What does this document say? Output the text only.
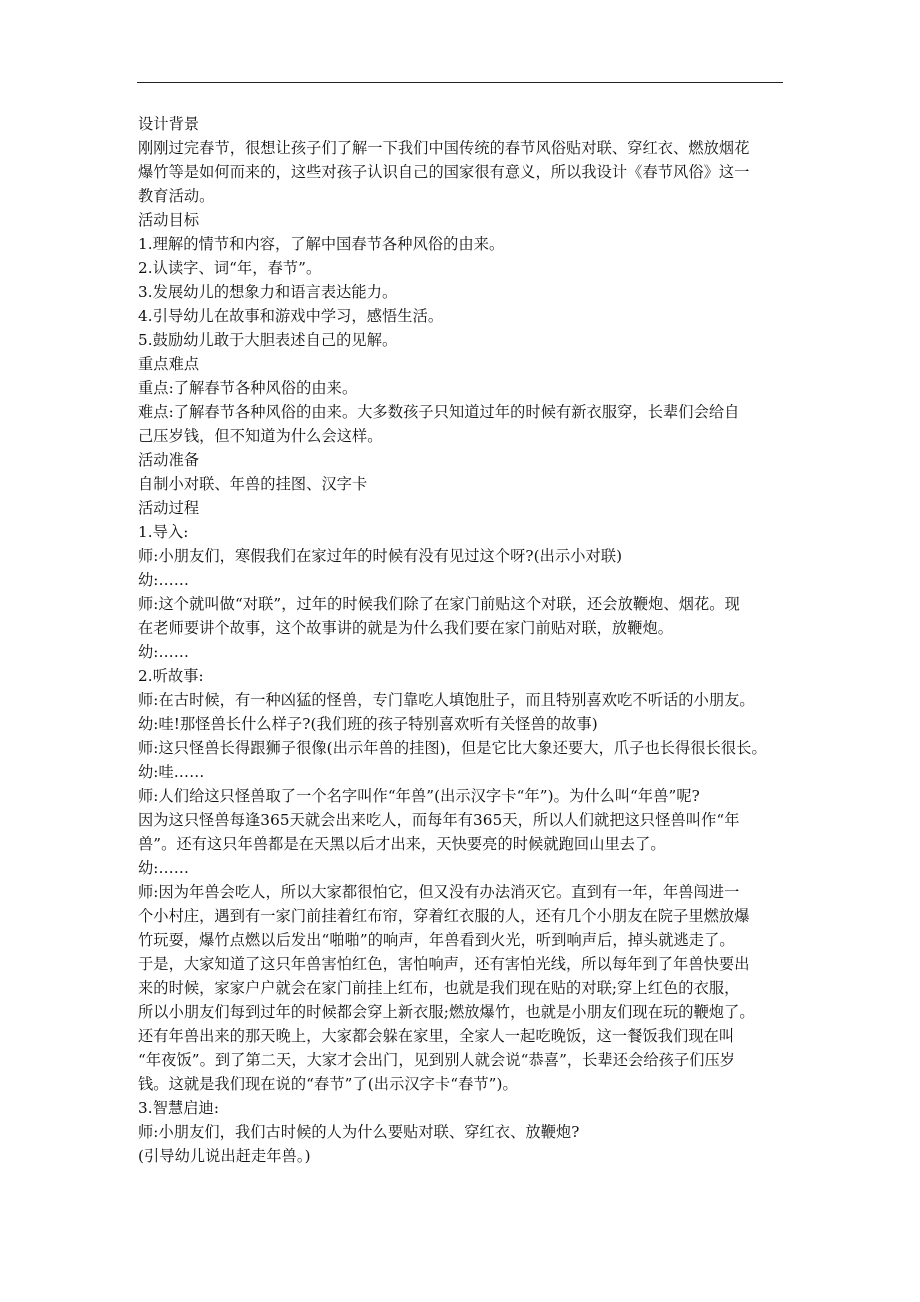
设计背景
刚刚过完春节，很想让孩子们了解一下我们中国传统的春节风俗贴对联、穿红衣、燃放烟花
爆竹等是如何而来的，这些对孩子认识自己的国家很有意义，所以我设计《春节风俗》这一
教育活动。
活动目标
1.理解的情节和内容，了解中国春节各种风俗的由来。
2.认读字、词“年，春节”。
3.发展幼儿的想象力和语言表达能力。
4.引导幼儿在故事和游戏中学习，感悟生活。
5.鼓励幼儿敢于大胆表述自己的见解。
重点难点
重点:了解春节各种风俗的由来。
难点:了解春节各种风俗的由来。大多数孩子只知道过年的时候有新衣服穿，长辈们会给自
己压岁钱，但不知道为什么会这样。
活动准备
自制小对联、年兽的挂图、汉字卡
活动过程
1.导入:
师:小朋友们，寒假我们在家过年的时候有没有见过这个呀?(出示小对联)
幼:……
师:这个就叫做“对联”，过年的时候我们除了在家门前贴这个对联，还会放鞭炮、烟花。现
在老师要讲个故事，这个故事讲的就是为什么我们要在家门前贴对联，放鞭炮。
幼:……
2.听故事:
师:在古时候，有一种凶猛的怪兽，专门靠吃人填饱肚子，而且特别喜欢吃不听话的小朋友。
幼:哇!那怪兽长什么样子?(我们班的孩子特别喜欢听有关怪兽的故事)
师:这只怪兽长得跟狮子很像(出示年兽的挂图)，但是它比大象还要大，爪子也长得很长很长。
幼:哇……
师:人们给这只怪兽取了一个名字叫作“年兽”(出示汉字卡“年”)。为什么叫“年兽”呢?
因为这只怪兽每逢365天就会出来吃人，而每年有365天，所以人们就把这只怪兽叫作“年
兽”。还有这只年兽都是在天黑以后才出来，天快要亮的时候就跑回山里去了。
幼:……
师:因为年兽会吃人，所以大家都很怕它，但又没有办法消灭它。直到有一年，年兽闯进一
个小村庄，遇到有一家门前挂着红布帘，穿着红衣服的人，还有几个小朋友在院子里燃放爆
竹玩耍，爆竹点燃以后发出“啪啪”的响声，年兽看到火光，听到响声后，掉头就逃走了。
于是，大家知道了这只年兽害怕红色，害怕响声，还有害怕光线，所以每年到了年兽快要出
来的时候，家家户户就会在家门前挂上红布，也就是我们现在贴的对联;穿上红色的衣服，
所以小朋友们每到过年的时候都会穿上新衣服;燃放爆竹，也就是小朋友们现在玩的鞭炮了。
还有年兽出来的那天晚上，大家都会躲在家里，全家人一起吃晚饭，这一餐饭我们现在叫
“年夜饭”。到了第二天，大家才会出门，见到别人就会说“恭喜”，长辈还会给孩子们压岁
钱。这就是我们现在说的“春节”了(出示汉字卡“春节”)。
3.智慧启迪:
师:小朋友们，我们古时候的人为什么要贴对联、穿红衣、放鞭炮?
(引导幼儿说出赶走年兽。)
